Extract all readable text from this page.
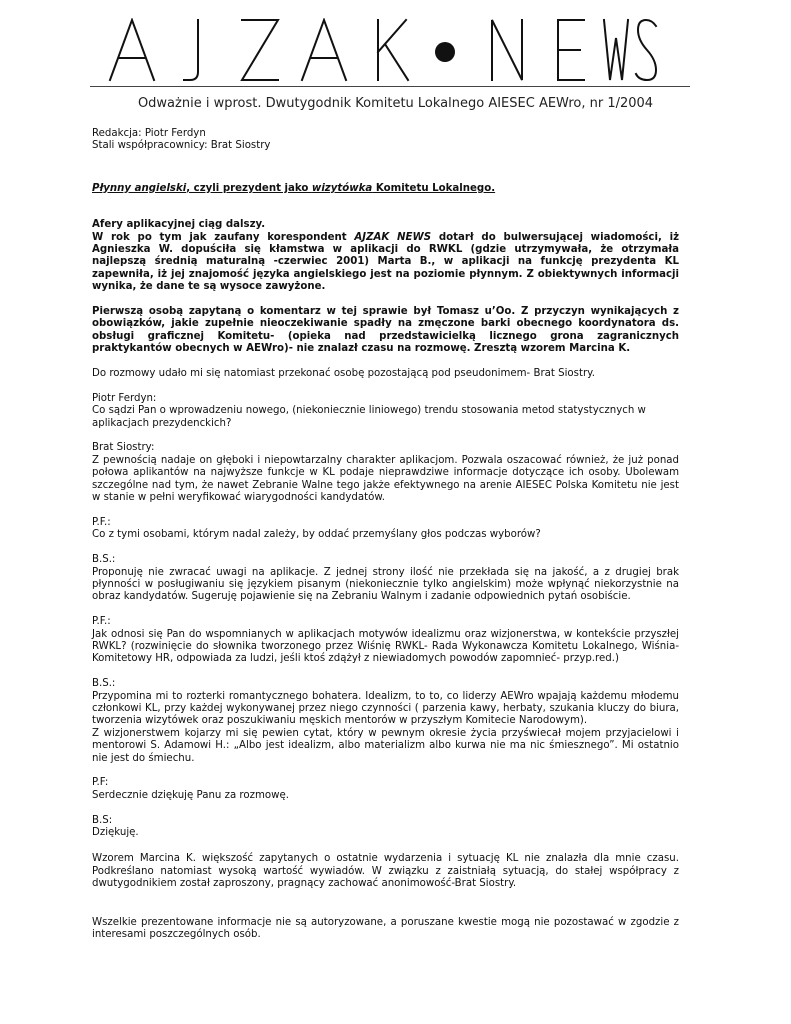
Odważnie i wprost. Dwutygodnik Komitetu Lokalnego AIESEC AEWro, nr 1/2004

Redakcja: Piotr Ferdyn

Stali współpracownicy: Brat Siostry

Płynny angielski, czyli prezydent jako wizytówka Komitetu Lokalnego.

Afery aplikacyjnej ciąg dalszy.
W rok po tym jak zaufany korespondent AJZAK NEWS dotarł do bulwersującej wiadomości, iż Agnieszka W. dopuściła się kłamstwa w aplikacji do RWKL (gdzie utrzymywała, że otrzymała najlepszą średnią maturalną -czerwiec 2001) Marta B., w aplikacji na funkcję prezydenta KL zapewniła, iż jej znajomość języka angielskiego jest na poziomie płynnym. Z obiektywnych informacji wynika, że dane te są wysoce zawyżone.

Pierwszą osobą zapytaną o komentarz w tej sprawie był Tomasz u’Oo. Z przyczyn wynikających z obowiązków, jakie zupełnie nieoczekiwanie spadły na zmęczone barki obecnego koordynatora ds. obsługi graficznej Komitetu- (opieka nad przedstawicielką licznego grona zagranicznych praktykantów obecnych w AEWro)- nie znalazł czasu na rozmowę. Zresztą wzorem Marcina K.

Do rozmowy udało mi się natomiast przekonać osobę pozostającą pod pseudonimem- Brat Siostry.

Piotr Ferdyn:
Co sądzi Pan o wprowadzeniu nowego, (niekoniecznie liniowego) trendu stosowania metod statystycznych w aplikacjach prezydenckich?

Brat Siostry:
Z pewnością nadaje on głęboki i niepowtarzalny charakter aplikacjom. Pozwala oszacować również, że już ponad połowa aplikantów na najwyższe funkcje w KL podaje nieprawdziwe informacje dotyczące ich osoby. Ubolewam szczególne nad tym, że nawet Zebranie Walne tego jakże efektywnego na arenie AIESEC Polska Komitetu nie jest w stanie w pełni weryfikować wiarygodności kandydatów.

P.F.:
Co z tymi osobami, którym nadal zależy, by oddać przemyślany głos podczas wyborów?

B.S.:
Proponuję nie zwracać uwagi na aplikacje. Z jednej strony ilość nie przekłada się na jakość, a z drugiej brak płynności w posługiwaniu się językiem pisanym (niekoniecznie tylko angielskim) może wpłynąć niekorzystnie na obraz kandydatów. Sugeruję pojawienie się na Zebraniu Walnym i zadanie odpowiednich pytań osobiście.

P.F.:
Jak odnosi się Pan do wspomnianych w aplikacjach motywów idealizmu oraz wizjonerstwa, w kontekście przyszłej RWKL? (rozwinięcie do słownika tworzonego przez Wiśnię RWKL- Rada Wykonawcza Komitetu Lokalnego, Wiśnia- Komitetowy HR, odpowiada za ludzi, jeśli ktoś zdążył z niewiadomych powodów zapomnieć- przyp.red.)

B.S.:
Przypomina mi to rozterki romantycznego bohatera. Idealizm, to to, co liderzy AEWro wpajają każdemu młodemu członkowi KL, przy każdej wykonywanej przez niego czynności ( parzenia kawy, herbaty, szukania kluczy do biura, tworzenia wizytówek oraz poszukiwaniu męskich mentorów w przyszłym Komitecie Narodowym).
Z wizjonerstwem kojarzy mi się pewien cytat, który w pewnym okresie życia przyświecał mojem przyjacielowi i mentorowi S. Adamowi H.: „Albo jest idealizm, albo materializm albo kurwa nie ma nic śmiesznego”. Mi ostatnio nie jest do śmiechu.

P.F:
Serdecznie dziękuję Panu za rozmowę.

B.S:
Dziękuję.

Wzorem Marcina K. większość zapytanych o ostatnie wydarzenia i sytuację KL nie znalazła dla mnie czasu. Podkreślano natomiast wysoką wartość wywiadów. W związku z zaistniałą sytuacją, do stałej współpracy z dwutygodnikiem został zaproszony, pragnący zachować anonimowość-Brat Siostry.

Wszelkie prezentowane informacje nie są autoryzowane, a poruszane kwestie mogą nie pozostawać w zgodzie z interesami poszczególnych osób.
